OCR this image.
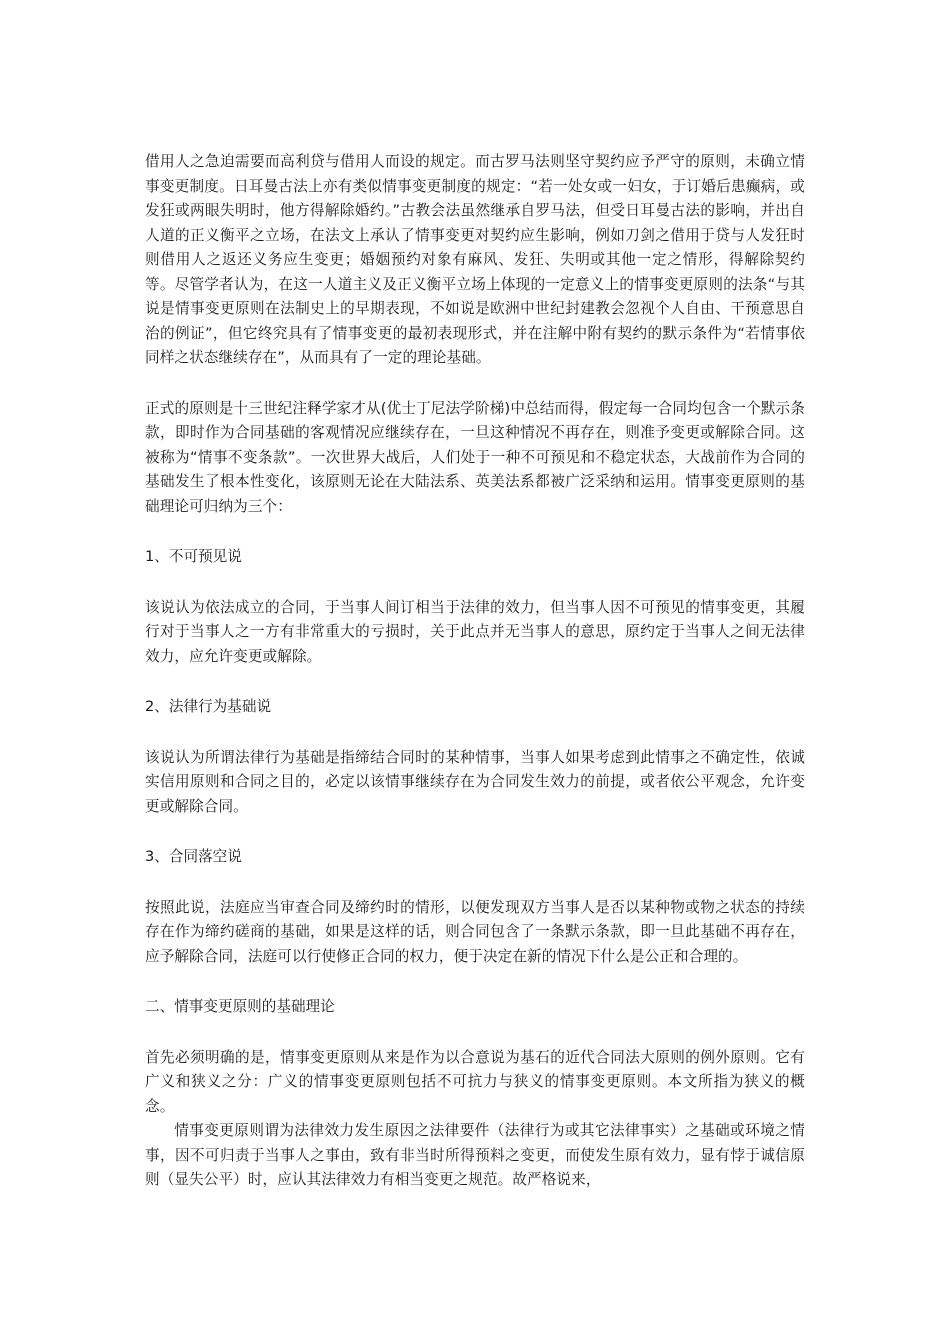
借用人之急迫需要而高利贷与借用人而设的规定。而古罗马法则坚守契约应予严守的原则，未确立情事变更制度。日耳曼古法上亦有类似情事变更制度的规定：“若一处女或一妇女，于订婚后患癫病，或发狂或两眼失明时，他方得解除婚约。”古教会法虽然继承自罗马法，但受日耳曼古法的影响，并出自人道的正义衡平之立场，在法文上承认了情事变更对契约应生影响，例如刀剑之借用于贷与人发狂时则借用人之返还义务应生变更；婚姻预约对象有麻风、发狂、失明或其他一定之情形，得解除契约等。尽管学者认为，在这一人道主义及正义衡平立场上体现的一定意义上的情事变更原则的法条“与其说是情事变更原则在法制史上的早期表现，不如说是欧洲中世纪封建教会忽视个人自由、干预意思自治的例证”，但它终究具有了情事变更的最初表现形式，并在注解中附有契约的默示条件为“若情事依同样之状态继续存在”，从而具有了一定的理论基础。

正式的原则是十三世纪注释学家才从(优士丁尼法学阶梯)中总结而得，假定每一合同均包含一个默示条款，即时作为合同基础的客观情况应继续存在，一旦这种情况不再存在，则准予变更或解除合同。这被称为“情事不变条款”。一次世界大战后，人们处于一种不可预见和不稳定状态，大战前作为合同的基础发生了根本性变化，该原则无论在大陆法系、英美法系都被广泛采纳和运用。情事变更原则的基础理论可归纳为三个：

1、不可预见说

该说认为依法成立的合同，于当事人间订相当于法律的效力，但当事人因不可预见的情事变更，其履行对于当事人之一方有非常重大的亏损时，关于此点并无当事人的意思，原约定于当事人之间无法律效力，应允许变更或解除。

2、法律行为基础说

该说认为所谓法律行为基础是指缔结合同时的某种情事，当事人如果考虑到此情事之不确定性，依诚实信用原则和合同之目的，必定以该情事继续存在为合同发生效力的前提，或者依公平观念，允许变更或解除合同。

3、合同落空说

按照此说，法庭应当审查合同及缔约时的情形，以便发现双方当事人是否以某种物或物之状态的持续存在作为缔约磋商的基础，如果是这样的话，则合同包含了一条默示条款，即一旦此基础不再存在，应予解除合同，法庭可以行使修正合同的权力，便于决定在新的情况下什么是公正和合理的。

二、情事变更原则的基础理论

首先必须明确的是，情事变更原则从来是作为以合意说为基石的近代合同法大原则的例外原则。它有广义和狭义之分：广义的情事变更原则包括不可抗力与狭义的情事变更原则。本文所指为狭义的概念。

情事变更原则谓为法律效力发生原因之法律要件（法律行为或其它法律事实）之基础或环境之情事，因不可归责于当事人之事由，致有非当时所得预料之变更，而使发生原有效力，显有悖于诚信原则（显失公平）时，应认其法律效力有相当变更之规范。故严格说来，
